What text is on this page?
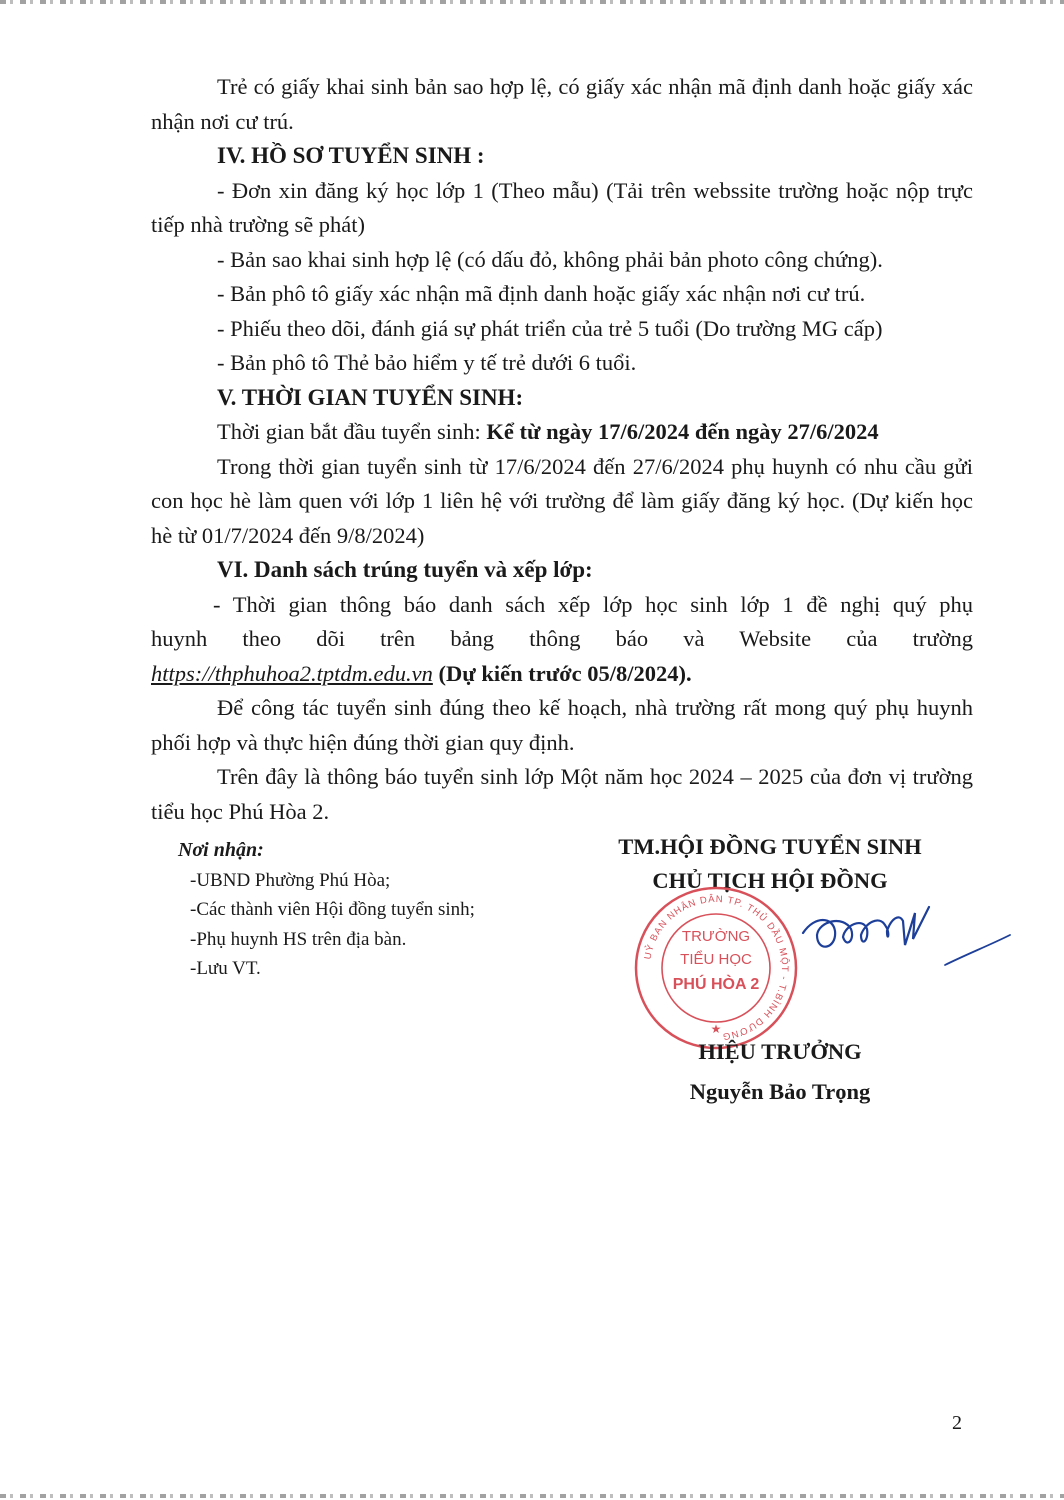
Trẻ có giấy khai sinh bản sao hợp lệ, có giấy xác nhận mã định danh hoặc giấy xác nhận nơi cư trú.

IV. HỒ SƠ TUYỂN SINH :

- Đơn xin đăng ký học lớp 1 (Theo mẫu) (Tải trên webssite trường hoặc nộp trực tiếp nhà trường sẽ phát)

- Bản sao khai sinh hợp lệ (có dấu đỏ, không phải bản photo công chứng).

- Bản phô tô giấy xác nhận mã định danh hoặc giấy xác nhận nơi cư trú.

- Phiếu theo dõi, đánh giá sự phát triển của trẻ 5 tuổi (Do trường MG cấp)

- Bản phô tô Thẻ bảo hiểm y tế trẻ dưới 6 tuổi.

V. THỜI GIAN TUYỂN SINH:

Thời gian bắt đầu tuyển sinh: Kể từ ngày 17/6/2024 đến ngày 27/6/2024

Trong thời gian tuyển sinh từ 17/6/2024 đến 27/6/2024 phụ huynh có nhu cầu gửi con học hè làm quen với lớp 1 liên hệ với trường để làm giấy đăng ký học. (Dự kiến học hè từ 01/7/2024 đến 9/8/2024)

VI. Danh sách trúng tuyển và xếp lớp:

- Thời gian thông báo danh sách xếp lớp học sinh lớp 1 đề nghị quý phụ

huynh theo dõi trên bảng thông báo và Website của trường

https://thphuhoa2.tptdm.edu.vn (Dự kiến trước 05/8/2024).

Để công tác tuyển sinh đúng theo kế hoạch, nhà trường rất mong quý phụ huynh phối hợp và thực hiện đúng thời gian quy định.

Trên đây là thông báo tuyển sinh lớp Một năm học 2024 – 2025 của đơn vị trường tiểu học Phú Hòa 2.

Nơi nhận:
-UBND Phường Phú Hòa;
-Các thành viên Hội đồng tuyển sinh;
-Phụ huynh HS trên địa bàn.
-Lưu VT.
TM.HỘI ĐỒNG TUYỂN SINH
CHỦ TỊCH HỘI ĐỒNG
UỶ BAN NHÂN DÂN TP. THỦ DẦU MỘT - T.BÌNH DƯƠNG
TRƯỜNG
TIỂU HỌC
PHÚ HÒA 2
★
HIỆU TRƯỞNG
Nguyễn Bảo Trọng
2
